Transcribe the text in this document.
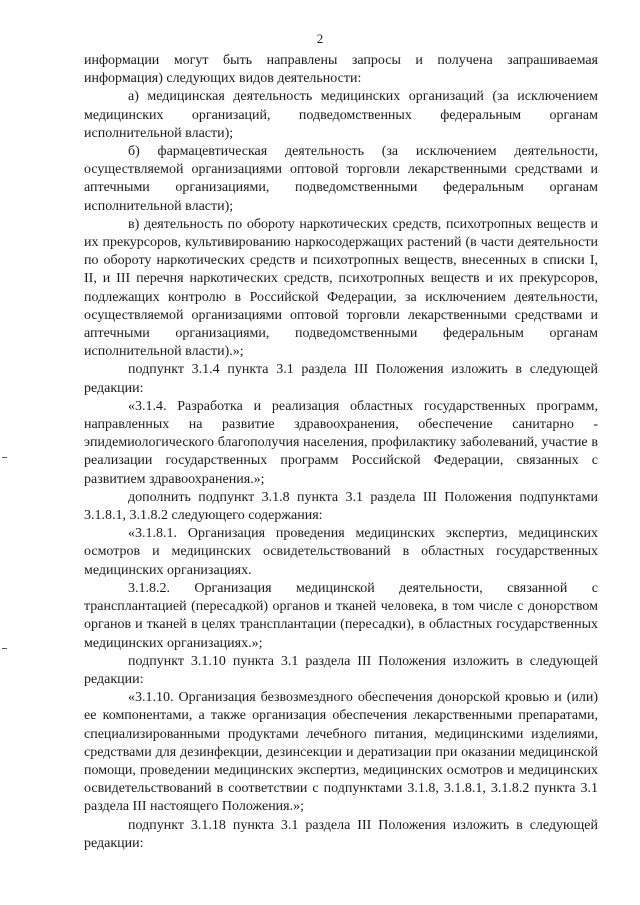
2

информации могут быть направлены запросы и получена запрашиваемая информация) следующих видов деятельности:

а) медицинская деятельность медицинских организаций (за исключением медицинских организаций, подведомственных федеральным органам исполнительной власти);

б) фармацевтическая деятельность (за исключением деятельности, осуществляемой организациями оптовой торговли лекарственными средствами и аптечными организациями, подведомственными федеральным органам исполнительной власти);

в) деятельность по обороту наркотических средств, психотропных веществ и их прекурсоров, культивированию наркосодержащих растений (в части деятельности по обороту наркотических средств и психотропных веществ, внесенных в списки I, II, и III перечня наркотических средств, психотропных веществ и их прекурсоров, подлежащих контролю в Российской Федерации, за исключением деятельности, осуществляемой организациями оптовой торговли лекарственными средствами и аптечными организациями, подведомственными федеральным органам исполнительной власти).»;

подпункт 3.1.4 пункта 3.1 раздела III Положения изложить в следующей редакции:

«3.1.4. Разработка и реализация областных государственных программ, направленных на развитие здравоохранения, обеспечение санитарно - эпидемиологического благополучия населения, профилактику заболеваний, участие в реализации государственных программ Российской Федерации, связанных с развитием здравоохранения.»;

дополнить подпункт 3.1.8 пункта 3.1 раздела III Положения подпунктами 3.1.8.1, 3.1.8.2 следующего содержания:

«3.1.8.1. Организация проведения медицинских экспертиз, медицинских осмотров и медицинских освидетельствований в областных государственных медицинских организациях.

3.1.8.2. Организация медицинской деятельности, связанной с трансплантацией (пересадкой) органов и тканей человека, в том числе с донорством органов и тканей в целях трансплантации (пересадки), в областных государственных медицинских организациях.»;

подпункт 3.1.10 пункта 3.1 раздела III Положения изложить в следующей редакции:

«3.1.10. Организация безвозмездного обеспечения донорской кровью и (или) ее компонентами, а также организация обеспечения лекарственными препаратами, специализированными продуктами лечебного питания, медицинскими изделиями, средствами для дезинфекции, дезинсекции и дератизации при оказании медицинской помощи, проведении медицинских экспертиз, медицинских осмотров и медицинских освидетельствований в соответствии с подпунктами 3.1.8, 3.1.8.1, 3.1.8.2 пункта 3.1 раздела III настоящего Положения.»;

подпункт 3.1.18 пункта 3.1 раздела III Положения изложить в следующей редакции:
